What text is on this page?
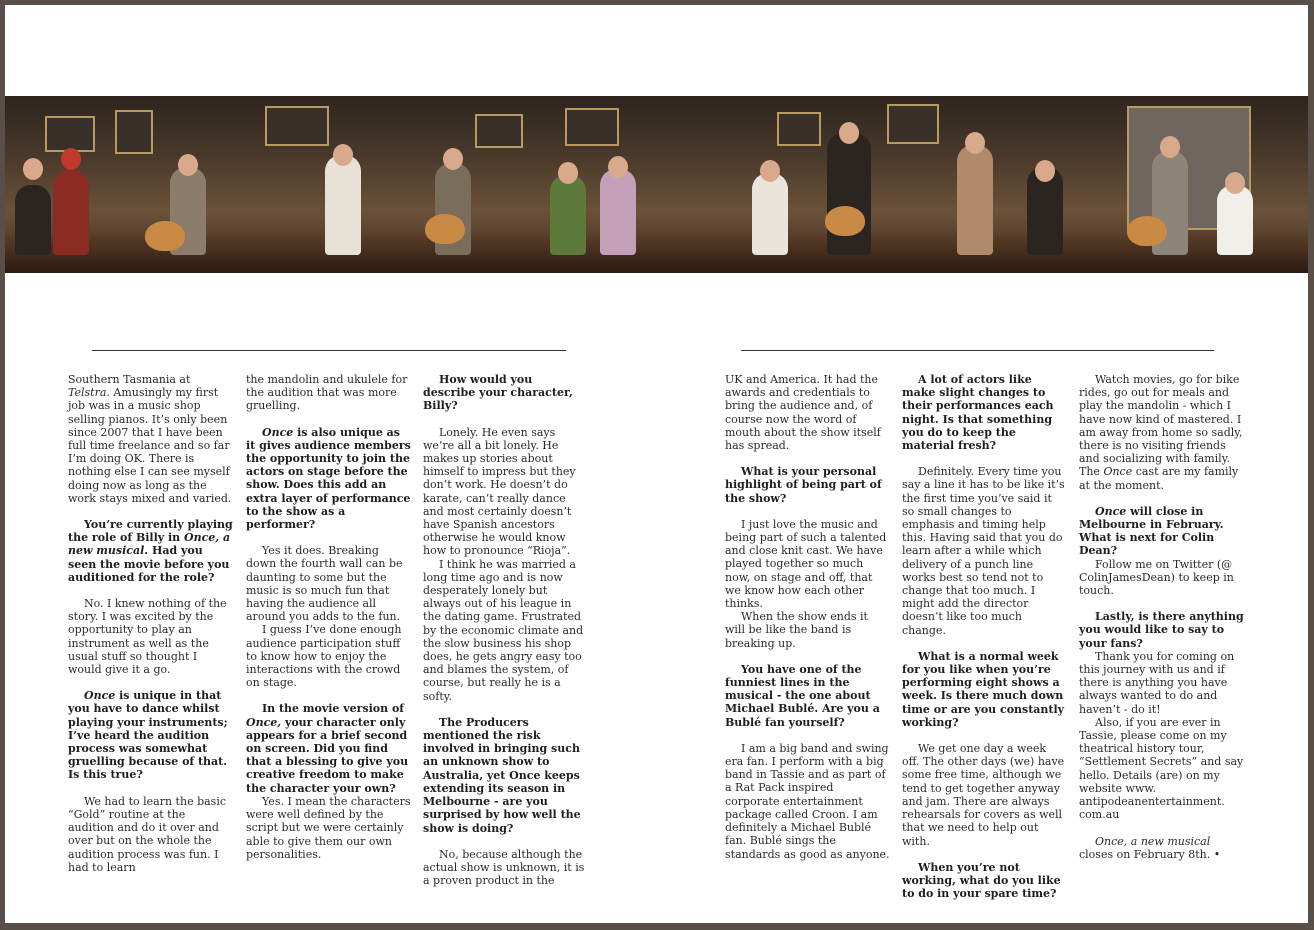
Southern Tasmania at Telstra. Amusingly my first job was in a music shop selling pianos. It’s only been since 2007 that I have been full time freelance and so far I’m doing OK. There is nothing else I can see myself doing now as long as the work stays mixed and varied.

You’re currently playing the role of Billy in Once, a new musical. Had you seen the movie before you auditioned for the role?

No. I knew nothing of the story. I was excited by the opportunity to play an instrument as well as the usual stuff so thought I would give it a go.

Once is unique in that you have to dance whilst playing your instruments; I’ve heard the audition process was somewhat gruelling because of that. Is this true?

We had to learn the basic “Gold” routine at the audition and do it over and over but on the whole the audition process was fun. I had to learn

the mandolin and ukulele for the audition that was more gruelling.

Once is also unique as it gives audience members the opportunity to join the actors on stage before the show. Does this add an extra layer of performance to the show as a performer?

Yes it does. Breaking down the fourth wall can be daunting to some but the music is so much fun that having the audience all around you adds to the fun.

I guess I’ve done enough audience participation stuff to know how to enjoy the interactions with the crowd on stage.

In the movie version of Once, your character only appears for a brief second on screen. Did you find that a blessing to give you creative freedom to make the character your own?

Yes. I mean the characters were well defined by the script but we were certainly able to give them our own personalities.

How would you describe your character, Billy?

Lonely. He even says we’re all a bit lonely. He makes up stories about himself to impress but they don’t work. He doesn’t do karate, can’t really dance and most certainly doesn’t have Spanish ancestors otherwise he would know how to pronounce “Rioja”.

I think he was married a long time ago and is now desperately lonely but always out of his league in the dating game. Frustrated by the economic climate and the slow business his shop does, he gets angry easy too and blames the system, of course, but really he is a softy.

The Producers mentioned the risk involved in bringing such an unknown show to Australia, yet Once keeps extending its season in Melbourne - are you surprised by how well the show is doing?

No, because although the actual show is unknown, it is a proven product in the

UK and America. It had the awards and credentials to bring the audience and, of course now the word of mouth about the show itself has spread.

What is your personal highlight of being part of the show?

I just love the music and being part of such a talented and close knit cast. We have played together so much now, on stage and off, that we know how each other thinks.

When the show ends it will be like the band is breaking up.

You have one of the funniest lines in the musical - the one about Michael Bublé. Are you a Bublé fan yourself?

I am a big band and swing era fan. I perform with a big band in Tassie and as part of a Rat Pack inspired corporate entertainment package called Croon. I am definitely a Michael Bublé fan. Bublé sings the standards as good as anyone.

A lot of actors like make slight changes to their performances each night. Is that something you do to keep the material fresh?

Definitely. Every time you say a line it has to be like it’s the first time you’ve said it so small changes to emphasis and timing help this. Having said that you do learn after a while which delivery of a punch line works best so tend not to change that too much. I might add the director doesn’t like too much change.

What is a normal week for you like when you’re performing eight shows a week. Is there much down time or are you constantly working?

We get one day a week off. The other days (we) have some free time, although we tend to get together anyway and jam. There are always rehearsals for covers as well that we need to help out with.

When you’re not working, what do you like to do in your spare time?

Watch movies, go for bike rides, go out for meals and play the mandolin - which I have now kind of mastered. I am away from home so sadly, there is no visiting friends and socializing with family. The Once cast are my family at the moment.

Once will close in Melbourne in February. What is next for Colin Dean?

Follow me on Twitter (@ ColinJamesDean) to keep in touch.

Lastly, is there anything you would like to say to your fans?

Thank you for coming on this journey with us and if there is anything you have always wanted to do and haven’t - do it!

Also, if you are ever in Tassie, please come on my theatrical history tour, “Settlement Secrets” and say hello. Details (are) on my website www. antipodeanentertainment. com.au

Once, a new musical closes on February 8th. •
